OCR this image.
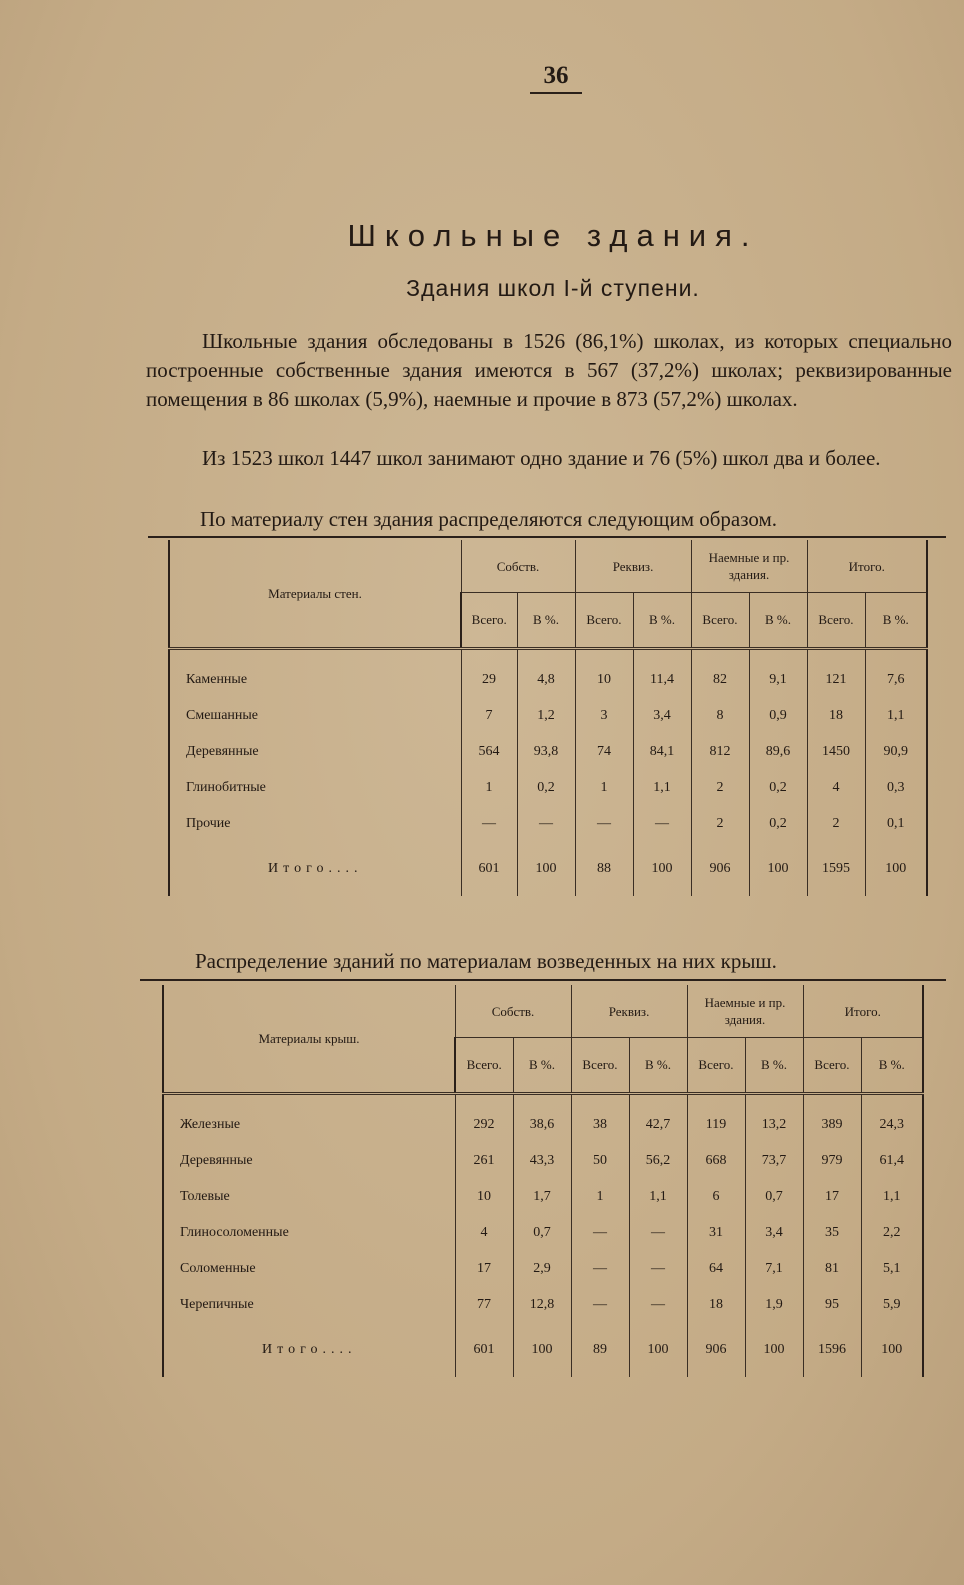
36
Школьные здания.
Здания школ I-й ступени.

Школьные здания обследованы в 1526 (86,1%) школах, из которых специально построенные собственные здания имеются в 567 (37,2%) школах; реквизированные помещения в 86 школах (5,9%), наемные и прочие в 873 (57,2%) школах.

Из 1523 школ 1447 школ занимают одно здание и 76 (5%) школ два и более.

По материалу стен здания распределяются следующим образом.
Материалы стен.	Собств.		Реквиз.		Наемные и пр. здания.		Итого.	
	Всего.	В %.	Всего.	В %.	Всего.	В %.	Всего.	В %.

Каменные	29	4,8	10	11,4	82	9,1	121	7,6
Смешанные	7	1,2	3	3,4	8	0,9	18	1,1
Деревянные	564	93,8	74	84,1	812	89,6	1450	90,9
Глинобитные	1	0,2	1	1,1	2	0,2	4	0,3
Прочие	—	—	—	—	2	0,2	2	0,1
Итого....	601	100	88	100	906	100	1595	100
Распределение зданий по материалам возведенных на них крыш.
Материалы крыш.	Собств.		Реквиз.		Наемные и пр. здания.		Итого.	
	Всего.	В %.	Всего.	В %.	Всего.	В %.	Всего.	В %.

Железные	292	38,6	38	42,7	119	13,2	389	24,3
Деревянные	261	43,3	50	56,2	668	73,7	979	61,4
Толевые	10	1,7	1	1,1	6	0,7	17	1,1
Глиносоломенные	4	0,7	—	—	31	3,4	35	2,2
Соломенные	17	2,9	—	—	64	7,1	81	5,1
Черепичные	77	12,8	—	—	18	1,9	95	5,9
Итого....	601	100	89	100	906	100	1596	100
